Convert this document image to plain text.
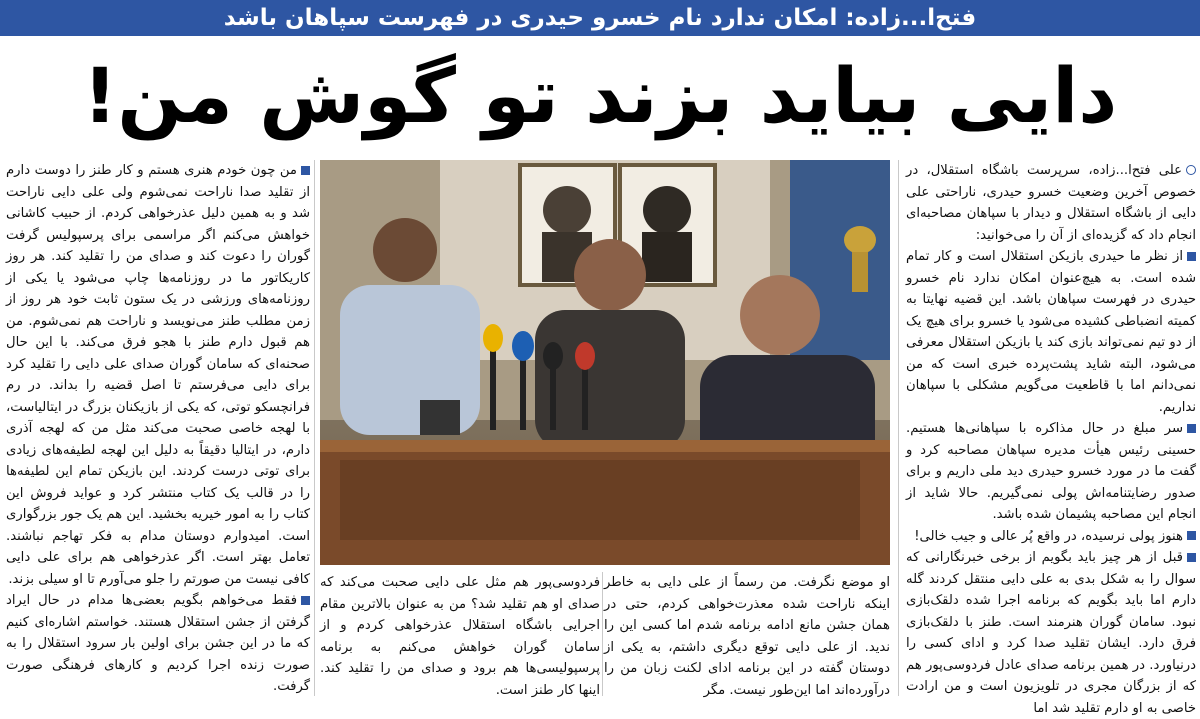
فتح‌ا...زاده: امکان ندارد نام خسرو حیدری در فهرست سپاهان باشد
دایی بیاید بزند تو گوش من!

علی فتح‌ا...زاده، سرپرست باشگاه استقلال، در خصوص آخرین وضعیت خسرو حیدری، ناراحتی علی دایی از باشگاه استقلال و دیدار با سپاهان مصاحبه‌ای انجام داد که گزیده‌ای از آن را می‌خوانید:

از نظر ما حیدری بازیکن استقلال است و کار تمام شده است. به هیچ‌عنوان امکان ندارد نام خسرو حیدری در فهرست سپاهان باشد. این قضیه نهایتا به کمیته انضباطی کشیده می‌شود یا خسرو برای هیچ یک از دو تیم نمی‌تواند بازی کند یا بازیکن استقلال معرفی می‌شود، البته شاید پشت‌پرده خبری است که من نمی‌دانم اما با قاطعیت می‌گویم مشکلی با سپاهان نداریم.

سر مبلغ در حال مذاکره با سپاهانی‌ها هستیم. حسینی رئیس هیأت مدیره سپاهان مصاحبه کرد و گفت ما در مورد خسرو حیدری دید ملی داریم و برای صدور رضایتنامه‌اش پولی نمی‌گیریم. حالا شاید از انجام این مصاحبه پشیمان شده باشد.

هنوز پولی نرسیده، در واقع پُر عالی و جیب خالی!

قبل از هر چیز باید بگویم از برخی خبرنگارانی که سوال را به شکل بدی به علی دایی منتقل کردند گله دارم اما باید بگویم که برنامه اجرا شده دلقک‌بازی نبود. سامان گوران هنرمند است. طنز با دلقک‌بازی فرق دارد. ایشان تقلید صدا کرد و ادای کسی را درنیاورد. در همین برنامه صدای عادل فردوسی‌پور هم که از بزرگان مجری در تلویزیون است و من ارادت خاصی به او دارم تقلید شد اما

او موضع نگرفت. من رسماً از علی دایی به خاطر اینکه ناراحت شده معذرت‌خواهی کردم، حتی در همان جشن مانع ادامه برنامه شدم اما کسی این را ندید. از علی دایی توقع دیگری داشتم، به یکی از دوستان گفته در این برنامه ادای لکنت زبان من را درآورده‌اند اما این‌طور نیست. مگر

فردوسی‌پور هم مثل علی دایی صحبت می‌کند که صدای او هم تقلید شد؟ من به عنوان بالاترین مقام اجرایی باشگاه استقلال عذرخواهی کردم و از سامان گوران خواهش می‌کنم به برنامه پرسپولیسی‌ها هم برود و صدای من را تقلید کند. اینها کار طنز است.

من چون خودم هنری هستم و کار طنز را دوست دارم از تقلید صدا ناراحت نمی‌شوم ولی علی دایی ناراحت شد و به همین دلیل عذرخواهی کردم. از حبیب کاشانی خواهش می‌کنم اگر مراسمی برای پرسپولیس گرفت گوران را دعوت کند و صدای من را تقلید کند. هر روز کاریکاتور ما در روزنامه‌ها چاپ می‌شود یا یکی از روزنامه‌های ورزشی در یک ستون ثابت خود هر روز از زمن مطلب طنز می‌نویسد و ناراحت هم نمی‌شوم. من هم قبول دارم طنز با هجو فرق می‌کند. با این حال صحنه‌ای که سامان گوران صدای علی دایی را تقلید کرد برای دایی می‌فرستم تا اصل قضیه را بداند. در رم فرانچسکو توتی، که یکی از بازیکنان بزرگ در ایتالیاست، با لهجه خاصی صحبت می‌کند مثل من که لهجه آذری دارم، در ایتالیا دقیقاً به دلیل این لهجه لطیفه‌های زیادی برای توتی درست کردند. این بازیکن تمام این لطیفه‌ها را در قالب یک کتاب منتشر کرد و عواید فروش این کتاب را به امور خیریه بخشید. این هم یک جور بزرگواری است. امیدوارم دوستان مدام به فکر تهاجم نباشند. تعامل بهتر است. اگر عذرخواهی هم برای علی دایی کافی نیست من صورتم را جلو می‌آورم تا او سیلی بزند.

فقط می‌خواهم بگویم بعضی‌ها مدام در حال ایراد گرفتن از جشن استقلال هستند. خواستم اشاره‌ای کنیم که ما در این جشن برای اولین بار سرود استقلال را به صورت زنده اجرا کردیم و کارهای فرهنگی صورت گرفت.
